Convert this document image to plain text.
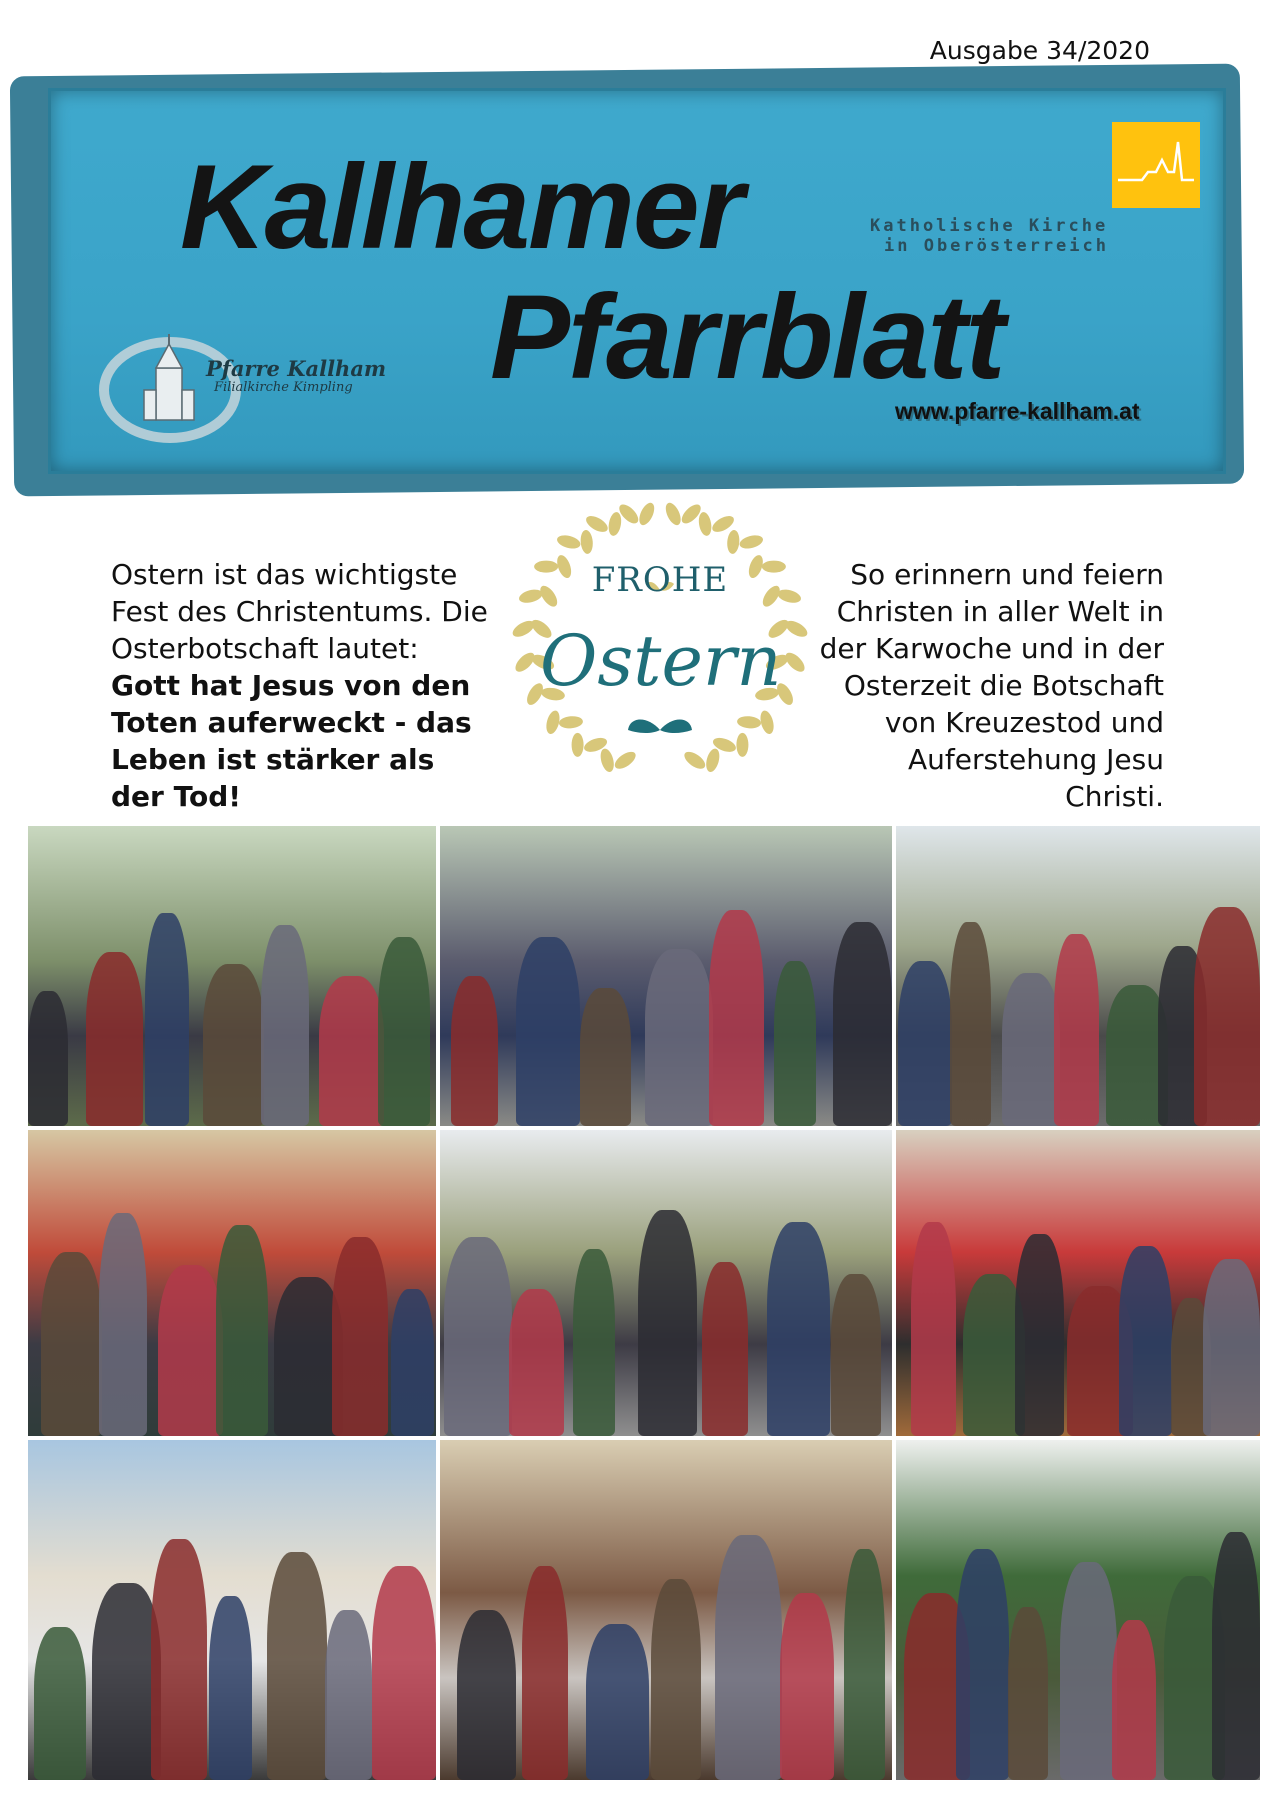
Ausgabe 34/2020
Kallhamer
Pfarrblatt
Katholische Kirche
in Oberösterreich
Pfarre Kallham
Filialkirche Kimpling
www.pfarre-kallham.at
Ostern ist das wichtigste Fest des Christentums. Die Osterbotschaft lautet: Gott hat Jesus von den Toten auferweckt - das Leben ist stärker als der Tod!
FROHE
Ostern
So erinnern und feiern Christen in aller Welt in der Karwoche und in der Osterzeit die Botschaft von Kreuzestod und Auferstehung Jesu Christi.
